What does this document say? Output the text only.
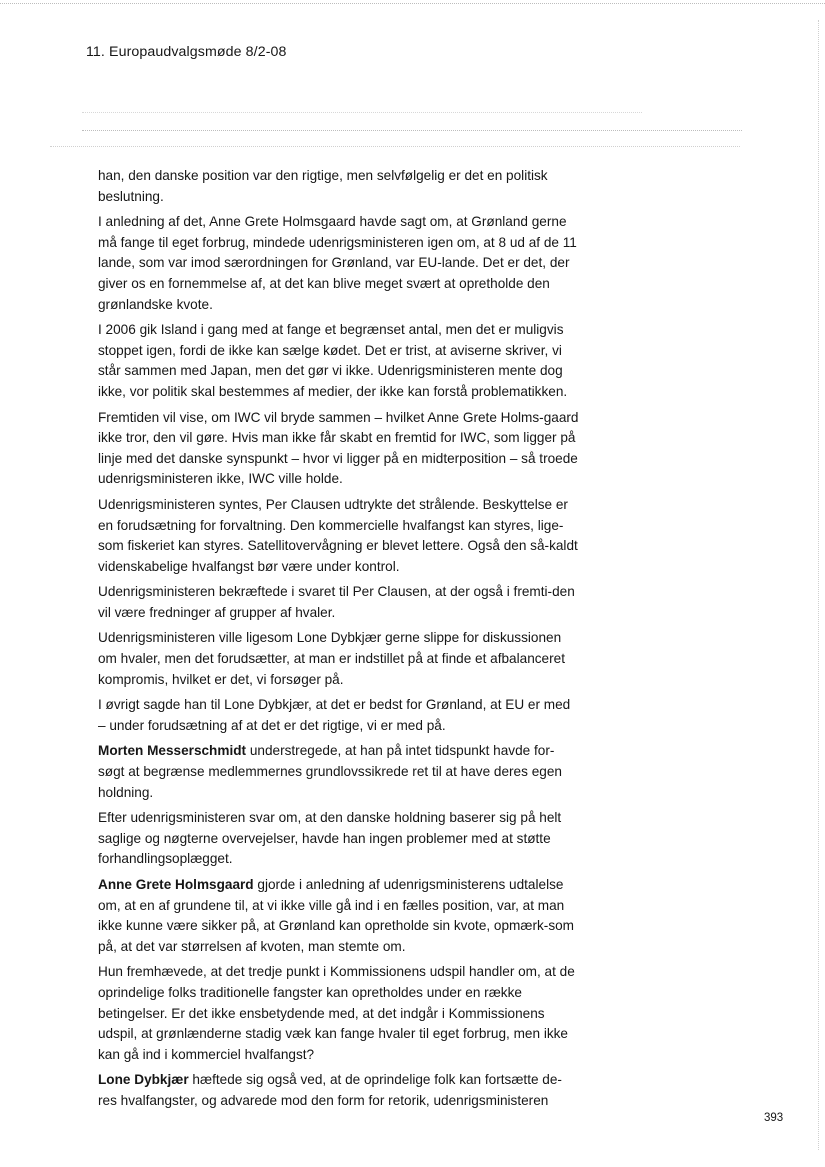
11. Europaudvalgsmøde 8/2-08

han, den danske position var den rigtige, men selvfølgelig er det en politisk beslutning.

I anledning af det, Anne Grete Holmsgaard havde sagt om, at Grønland gerne må fange til eget forbrug, mindede udenrigsministeren igen om, at 8 ud af de 11 lande, som var imod særordningen for Grønland, var EU-lande. Det er det, der giver os en fornemmelse af, at det kan blive meget svært at opretholde den grønlandske kvote.

I 2006 gik Island i gang med at fange et begrænset antal, men det er muligvis stoppet igen, fordi de ikke kan sælge kødet. Det er trist, at aviserne skriver, vi står sammen med Japan, men det gør vi ikke. Udenrigsministeren mente dog ikke, vor politik skal bestemmes af medier, der ikke kan forstå problematikken.

Fremtiden vil vise, om IWC vil bryde sammen – hvilket Anne Grete Holms-gaard ikke tror, den vil gøre. Hvis man ikke får skabt en fremtid for IWC, som ligger på linje med det danske synspunkt – hvor vi ligger på en midterposition – så troede udenrigsministeren ikke, IWC ville holde.

Udenrigsministeren syntes, Per Clausen udtrykte det strålende. Beskyttelse er en forudsætning for forvaltning. Den kommercielle hvalfangst kan styres, lige-som fiskeriet kan styres. Satellitovervågning er blevet lettere. Også den så-kaldt videnskabelige hvalfangst bør være under kontrol.

Udenrigsministeren bekræftede i svaret til Per Clausen, at der også i fremti-den vil være fredninger af grupper af hvaler.

Udenrigsministeren ville ligesom Lone Dybkjær gerne slippe for diskussionen om hvaler, men det forudsætter, at man er indstillet på at finde et afbalanceret kompromis, hvilket er det, vi forsøger på.

I øvrigt sagde han til Lone Dybkjær, at det er bedst for Grønland, at EU er med – under forudsætning af at det er det rigtige, vi er med på.

Morten Messerschmidt understregede, at han på intet tidspunkt havde for-søgt at begrænse medlemmernes grundlovssikrede ret til at have deres egen holdning.

Efter udenrigsministeren svar om, at den danske holdning baserer sig på helt saglige og nøgterne overvejelser, havde han ingen problemer med at støtte forhandlingsoplægget.

Anne Grete Holmsgaard gjorde i anledning af udenrigsministerens udtalelse om, at en af grundene til, at vi ikke ville gå ind i en fælles position, var, at man ikke kunne være sikker på, at Grønland kan opretholde sin kvote, opmærk-som på, at det var størrelsen af kvoten, man stemte om.

Hun fremhævede, at det tredje punkt i Kommissionens udspil handler om, at de oprindelige folks traditionelle fangster kan opretholdes under en række betingelser. Er det ikke ensbetydende med, at det indgår i Kommissionens udspil, at grønlænderne stadig væk kan fange hvaler til eget forbrug, men ikke kan gå ind i kommerciel hvalfangst?

Lone Dybkjær hæftede sig også ved, at de oprindelige folk kan fortsætte de-res hvalfangster, og advarede mod den form for retorik, udenrigsministeren

393
